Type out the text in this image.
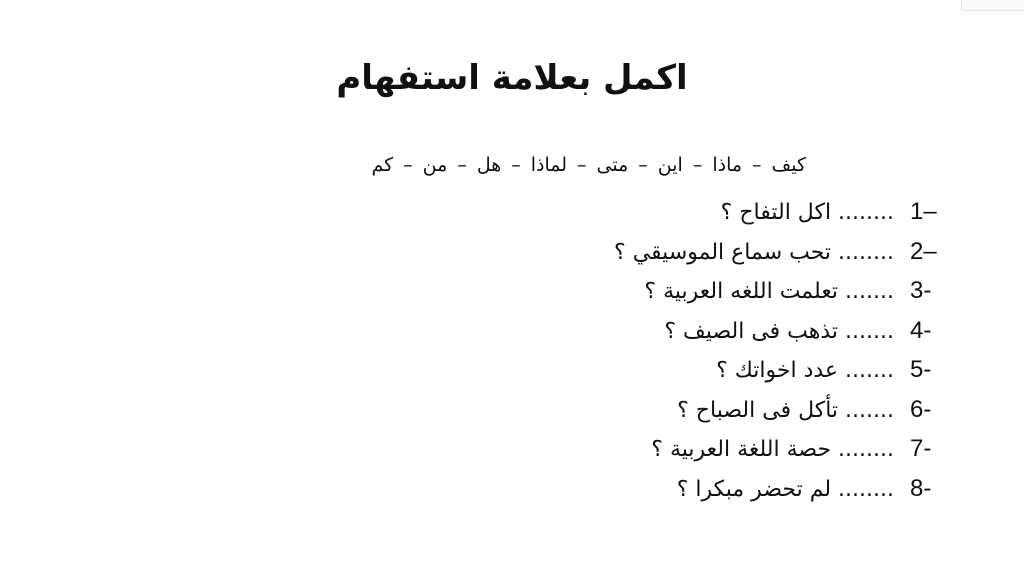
اكمل بعلامة استفهام
كيف–ماذا–اين–متى–لماذا–هل–من–كم
........ اكل التفاح ؟ 1–
........ تحب سماع الموسيقي ؟ 2–
....... تعلمت اللغه العربية ؟ 3-
....... تذهب فى الصيف ؟ 4-
....... عدد اخواتك ؟ 5-
....... تأكل فى الصباح ؟ 6-
........ حصة اللغة العربية ؟ 7-
........ لم تحضر مبكرا ؟ 8-
